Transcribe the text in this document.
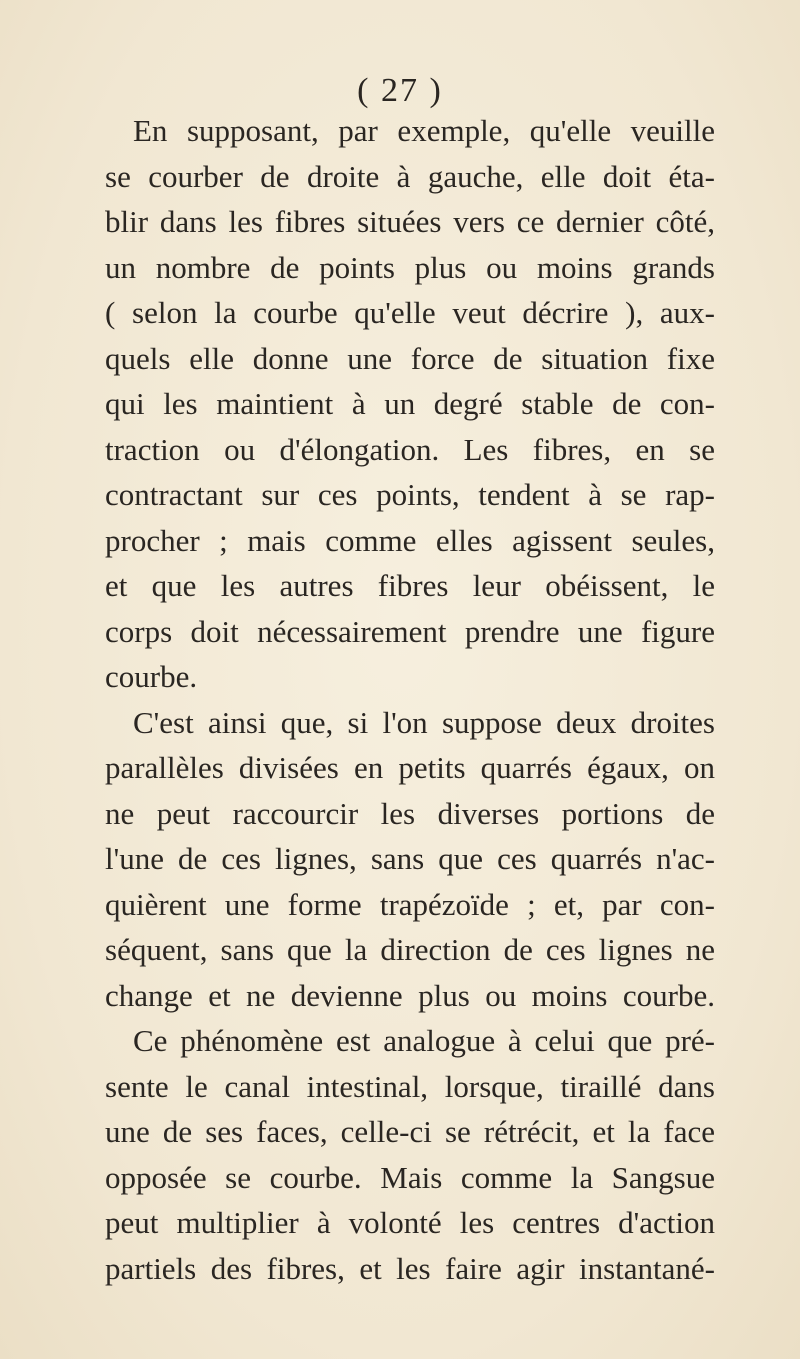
( 27 )
En supposant, par exemple, qu'elle veuille
se courber de droite à gauche, elle doit éta-
blir dans les fibres situées vers ce dernier côté,
un nombre de points plus ou moins grands
( selon la courbe qu'elle veut décrire ), aux-
quels elle donne une force de situation fixe
qui les maintient à un degré stable de con-
traction ou d'élongation. Les fibres, en se
contractant sur ces points, tendent à se rap-
procher ; mais comme elles agissent seules,
et que les autres fibres leur obéissent, le
corps doit nécessairement prendre une figure
courbe.
C'est ainsi que, si l'on suppose deux droites
parallèles divisées en petits quarrés égaux, on
ne peut raccourcir les diverses portions de
l'une de ces lignes, sans que ces quarrés n'ac-
quièrent une forme trapézoïde ; et, par con-
séquent, sans que la direction de ces lignes ne
change et ne devienne plus ou moins courbe.
Ce phénomène est analogue à celui que pré-
sente le canal intestinal, lorsque, tiraillé dans
une de ses faces, celle-ci se rétrécit, et la face
opposée se courbe. Mais comme la Sangsue
peut multiplier à volonté les centres d'action
partiels des fibres, et les faire agir instantané-
